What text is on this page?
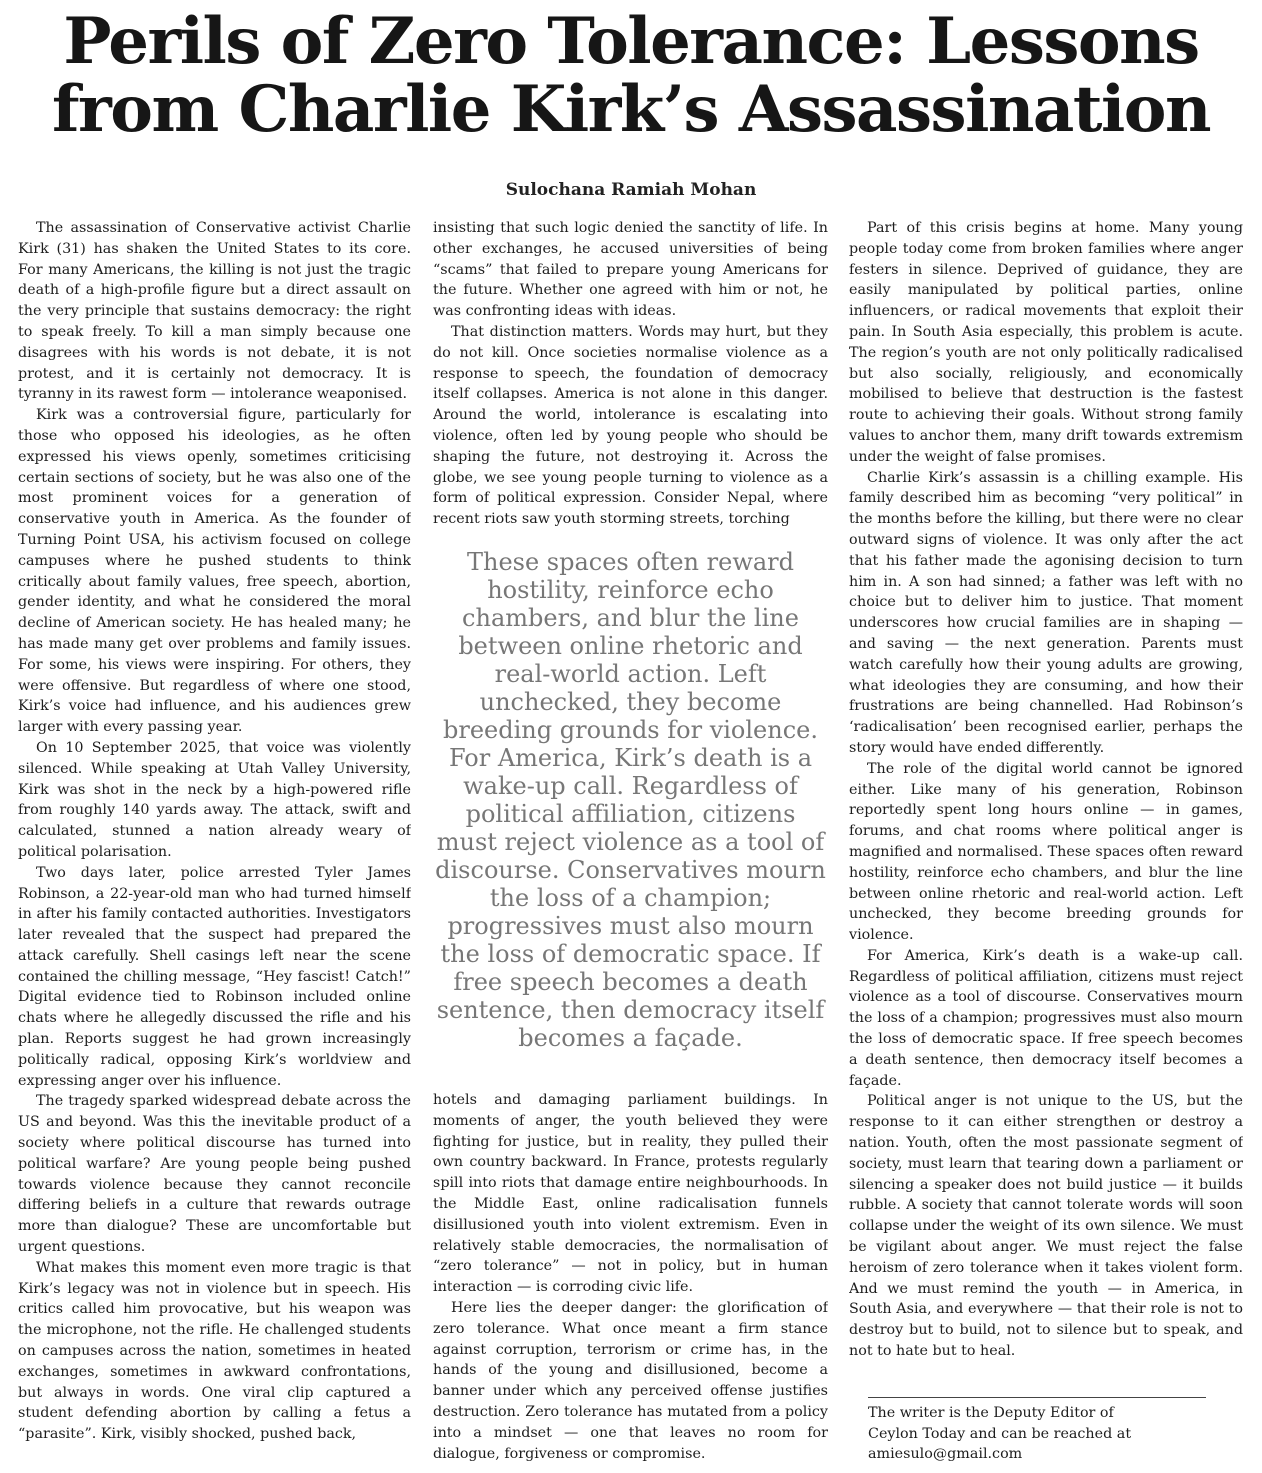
Perils of Zero Tolerance: Lessons from Charlie Kirk’s Assassination
Sulochana Ramiah Mohan

The assassination of Conservative activist Charlie Kirk (31) has shaken the United States to its core. For many Americans, the killing is not just the tragic death of a high-profile figure but a direct assault on the very principle that sustains democracy: the right to speak freely. To kill a man simply because one disagrees with his words is not debate, it is not protest, and it is certainly not democracy. It is tyranny in its rawest form — intolerance weaponised.

Kirk was a controversial figure, particularly for those who opposed his ideologies, as he often expressed his views openly, sometimes criticising certain sections of society, but he was also one of the most prominent voices for a generation of conservative youth in America. As the founder of Turning Point USA, his activism focused on college campuses where he pushed students to think critically about family values, free speech, abortion, gender identity, and what he considered the moral decline of American society. He has healed many; he has made many get over problems and family issues. For some, his views were inspiring. For others, they were offensive. But regardless of where one stood, Kirk’s voice had influence, and his audiences grew larger with every passing year.

On 10 September 2025, that voice was violently silenced. While speaking at Utah Valley University, Kirk was shot in the neck by a high-powered rifle from roughly 140 yards away. The attack, swift and calculated, stunned a nation already weary of political polarisation.

Two days later, police arrested Tyler James Robinson, a 22-year-old man who had turned himself in after his family contacted authorities. Investigators later revealed that the suspect had prepared the attack carefully. Shell casings left near the scene contained the chilling message, “Hey fascist! Catch!” Digital evidence tied to Robinson included online chats where he allegedly discussed the rifle and his plan. Reports suggest he had grown increasingly politically radical, opposing Kirk’s worldview and expressing anger over his influence.

The tragedy sparked widespread debate across the US and beyond. Was this the inevitable product of a society where political discourse has turned into political warfare? Are young people being pushed towards violence because they cannot reconcile differing beliefs in a culture that rewards outrage more than dialogue? These are uncomfortable but urgent questions.

What makes this moment even more tragic is that Kirk’s legacy was not in violence but in speech. His critics called him provocative, but his weapon was the microphone, not the rifle. He challenged students on campuses across the nation, sometimes in heated exchanges, sometimes in awkward confrontations, but always in words. One viral clip captured a student defending abortion by calling a fetus a “parasite”. Kirk, visibly shocked, pushed back,

insisting that such logic denied the sanctity of life. In other exchanges, he accused universities of being “scams” that failed to prepare young Americans for the future. Whether one agreed with him or not, he was confronting ideas with ideas.

That distinction matters. Words may hurt, but they do not kill. Once societies normalise violence as a response to speech, the foundation of democracy itself collapses. America is not alone in this danger. Around the world, intolerance is escalating into violence, often led by young people who should be shaping the future, not destroying it. Across the globe, we see young people turning to violence as a form of political expression. Consider Nepal, where recent riots saw youth storming streets, torching

These spaces often reward hostility, reinforce echo chambers, and blur the line between online rhetoric and real-world action. Left unchecked, they become breeding grounds for violence. For America, Kirk’s death is a wake-up call. Regardless of political affiliation, citizens must reject violence as a tool of discourse. Conservatives mourn the loss of a champion; progressives must also mourn the loss of democratic space. If free speech becomes a death sentence, then democracy itself becomes a façade.

hotels and damaging parliament buildings. In moments of anger, the youth believed they were fighting for justice, but in reality, they pulled their own country backward. In France, protests regularly spill into riots that damage entire neighbourhoods. In the Middle East, online radicalisation funnels disillusioned youth into violent extremism. Even in relatively stable democracies, the normalisation of “zero tolerance” — not in policy, but in human interaction — is corroding civic life.

Here lies the deeper danger: the glorification of zero tolerance. What once meant a firm stance against corruption, terrorism or crime has, in the hands of the young and disillusioned, become a banner under which any perceived offense justifies destruction. Zero tolerance has mutated from a policy into a mindset — one that leaves no room for dialogue, forgiveness or compromise.

Part of this crisis begins at home. Many young people today come from broken families where anger festers in silence. Deprived of guidance, they are easily manipulated by political parties, online influencers, or radical movements that exploit their pain. In South Asia especially, this problem is acute. The region’s youth are not only politically radicalised but also socially, religiously, and economically mobilised to believe that destruction is the fastest route to achieving their goals. Without strong family values to anchor them, many drift towards extremism under the weight of false promises.

Charlie Kirk’s assassin is a chilling example. His family described him as becoming “very political” in the months before the killing, but there were no clear outward signs of violence. It was only after the act that his father made the agonising decision to turn him in. A son had sinned; a father was left with no choice but to deliver him to justice. That moment underscores how crucial families are in shaping — and saving — the next generation. Parents must watch carefully how their young adults are growing, what ideologies they are consuming, and how their frustrations are being channelled. Had Robinson’s ‘radicalisation’ been recognised earlier, perhaps the story would have ended differently.

The role of the digital world cannot be ignored either. Like many of his generation, Robinson reportedly spent long hours online — in games, forums, and chat rooms where political anger is magnified and normalised. These spaces often reward hostility, reinforce echo chambers, and blur the line between online rhetoric and real-world action. Left unchecked, they become breeding grounds for violence.

For America, Kirk’s death is a wake-up call. Regardless of political affiliation, citizens must reject violence as a tool of discourse. Conservatives mourn the loss of a champion; progressives must also mourn the loss of democratic space. If free speech becomes a death sentence, then democracy itself becomes a façade.

Political anger is not unique to the US, but the response to it can either strengthen or destroy a nation. Youth, often the most passionate segment of society, must learn that tearing down a parliament or silencing a speaker does not build justice — it builds rubble. A society that cannot tolerate words will soon collapse under the weight of its own silence. We must be vigilant about anger. We must reject the false heroism of zero tolerance when it takes violent form. And we must remind the youth — in America, in South Asia, and everywhere — that their role is not to destroy but to build, not to silence but to speak, and not to hate but to heal.

The writer is the Deputy Editor of

Ceylon Today and can be reached at

amiesulo@gmail.com
